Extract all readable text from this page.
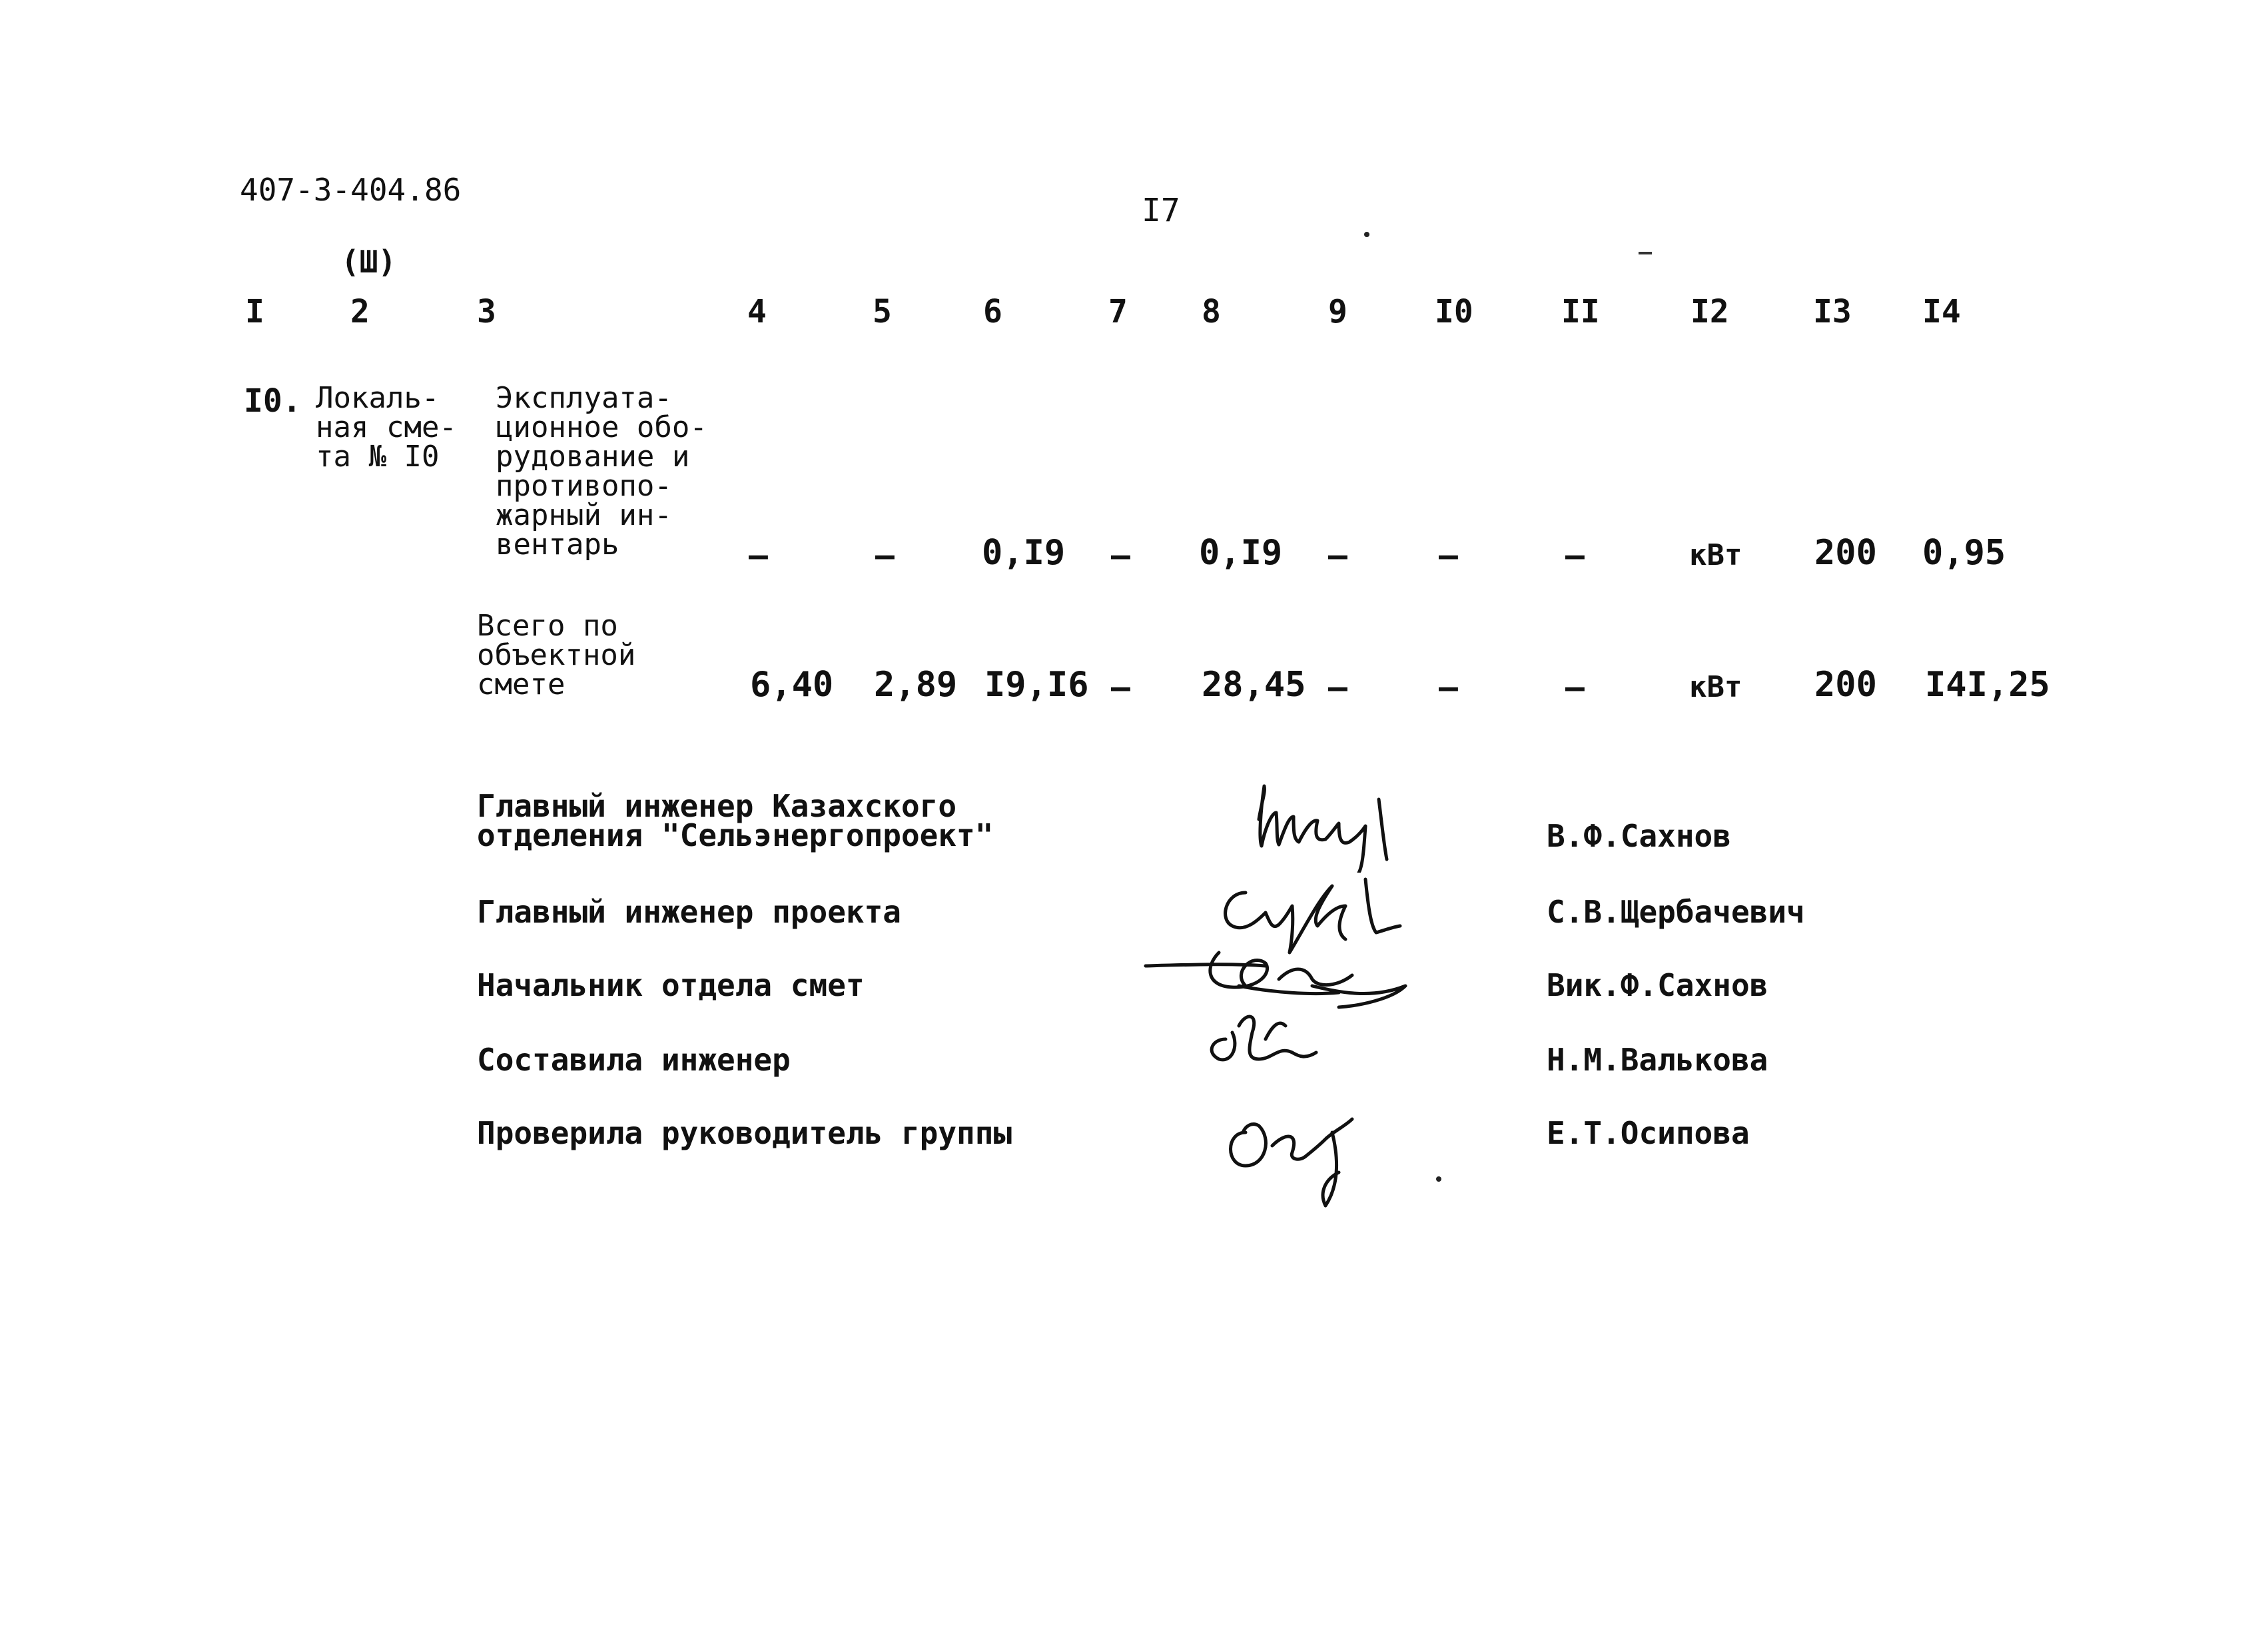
407-3-404.86
I7
(Ш)
I	2	3	4	5	6	7 8	9	I0	II	I2	I3 I4
I0. Локаль-
ная сме-
та № I0
Эксплуата-
ционное обо-
рудование и
противопо-
жарный ин-
вентарь	–	–	0,I9 – 0,I9 –	–	–	кВт 200 0,95
Всего по
объектной
смете	6,40 2,89 I9,I6 – 28,45 –	–	–	кВт 200 I4I,25
Главный инженер Казахского
отделения "Сельэнергопроект"	В.Ф.Сахнов
Главный инженер проекта	С.В.Щербачевич
Начальник отдела смет	Вик.Ф.Сахнов
Составила инженер	Н.М.Валькова
Проверила руководитель группы	Е.Т.Осипова
